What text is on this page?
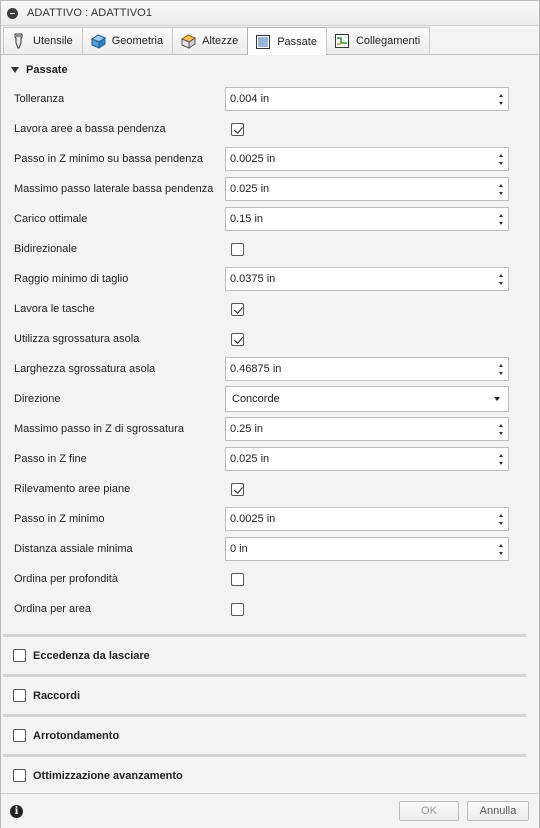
ADATTIVO : ADATTIVO1
Utensile	Geometria	Altezze	Passate	Collegamenti
Passate
Tolleranza	0.004 in
Lavora aree a bassa pendenza
Passo in Z minimo su bassa pendenza	0.0025 in
Massimo passo laterale bassa pendenza	0.025 in
Carico ottimale	0.15 in
Bidirezionale
Raggio minimo di taglio	0.0375 in
Lavora le tasche
Utilizza sgrossatura asola
Larghezza sgrossatura asola	0.46875 in
Direzione	Concorde
Massimo passo in Z di sgrossatura	0.25 in
Passo in Z fine	0.025 in
Rilevamento aree piane
Passo in Z minimo	0.0025 in
Distanza assiale minima	0 in
Ordina per profondità
Ordina per area
Eccedenza da lasciare
Raccordi
Arrotondamento
Ottimizzazione avanzamento
i	OK	Annulla
